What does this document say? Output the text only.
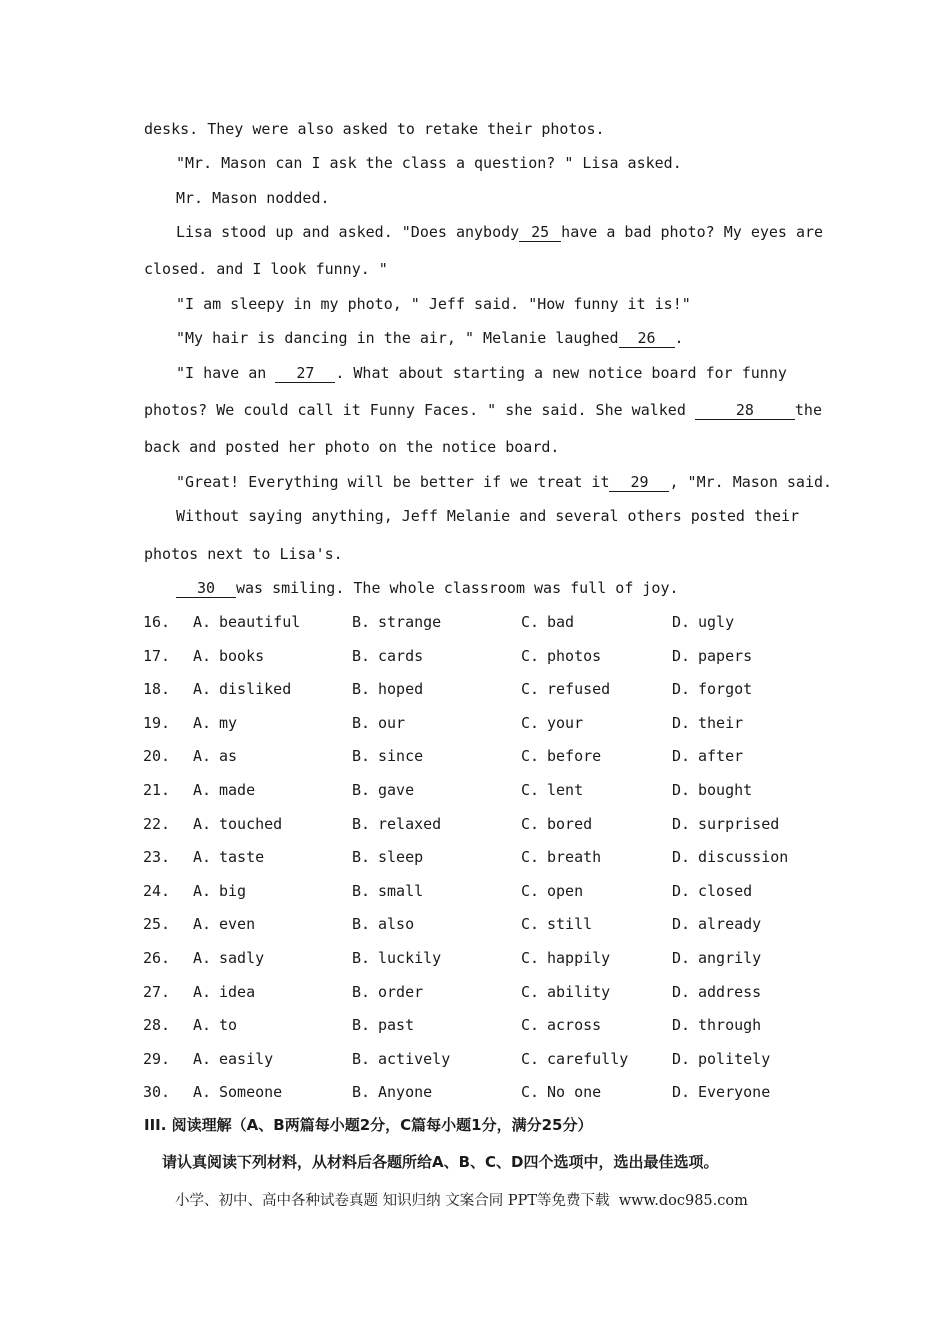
desks. They were also asked to retake their photos.
"Mr. Mason can I ask the class a question? " Lisa asked.
Mr. Mason nodded.
Lisa stood up and asked. "Does anybody 25 have a bad photo? My eyes are
closed. and I look funny. "
"I am sleepy in my photo, " Jeff said. "How funny it is!"
"My hair is dancing in the air, " Melanie laughed 26 .
"I have an 27 . What about starting a new notice board for funny
photos? We could call it Funny Faces. " she said. She walked	28	the
back and posted her photo on the notice board.
"Great! Everything will be better if we treat it 29 , "Mr. Mason said.
Without saying anything, Jeff Melanie and several others posted their
photos next to Lisa's.
30 was smiling. The whole classroom was full of joy.
16. A. beautiful	B. strange	C. bad	D. ugly
17. A. books	B. cards	C. photos	D. papers
18. A. disliked	B. hoped	C. refused	D. forgot
19. A. my	B. our	C. your	D. their
20. A. as	B. since	C. before	D. after
21. A. made	B. gave	C. lent	D. bought
22. A. touched	B. relaxed	C. bored	D. surprised
23. A. taste	B. sleep	C. breath	D. discussion
24. A. big	B. small	C. open	D. closed
25. A. even	B. also	C. still	D. already
26. A. sadly	B. luckily	C. happily	D. angrily
27. A. idea	B. order	C. ability	D. address
28. A. to	B. past	C. across	D. through
29. A. easily	B. actively	C. carefully	D. politely
30. A. Someone	B. Anyone	C. No one	D. Everyone
III. 阅读理解（A、B两篇每小题2分，C篇每小题1分，满分25分）
请认真阅读下列材料，从材料后各题所给A、B、C、D四个选项中，选出最佳选项。
小学、初中、高中各种试卷真题 知识归纳 文案合同 PPT等免费下载  www.doc985.com
